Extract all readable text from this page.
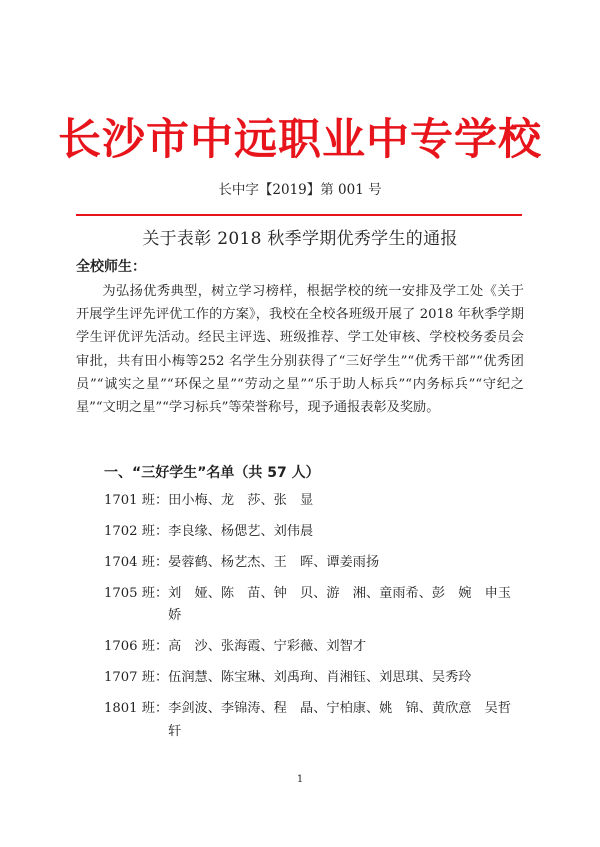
长沙市中远职业中专学校
长中字【2019】第 001 号
关于表彰 2018 秋季学期优秀学生的通报
全校师生：
为弘扬优秀典型，树立学习榜样，根据学校的统一安排及学工处《关于开展学生评先评优工作的方案》，我校在全校各班级开展了 2018 年秋季学期学生评优评先活动。经民主评选、班级推荐、学工处审核、学校校务委员会审批，共有田小梅等252 名学生分别获得了“三好学生”“优秀干部”“优秀团员”“诚实之星”“环保之星”“劳动之星”“乐于助人标兵”“内务标兵”“守纪之星”“文明之星”“学习标兵”等荣誉称号，现予通报表彰及奖励。
一、“三好学生”名单（共 57 人）
1701 班： 田小梅、龙　莎、张　显
1702 班： 李良缘、杨偲艺、刘伟晨
1704 班： 晏蓉鹤、杨艺杰、王　晖、谭姜雨扬
1705 班： 刘　娅、陈　苗、钟　贝、游　湘、童雨希、彭　婉　申玉娇
1706 班： 高　沙、张海霞、宁彩薇、刘智才
1707 班： 伍润慧、陈宝琳、刘禹珣、肖湘钰、刘思琪、吴秀玲
1801 班： 李剑波、李锦涛、程　晶、宁柏康、姚　锦、黄欣意　吴哲轩
1
